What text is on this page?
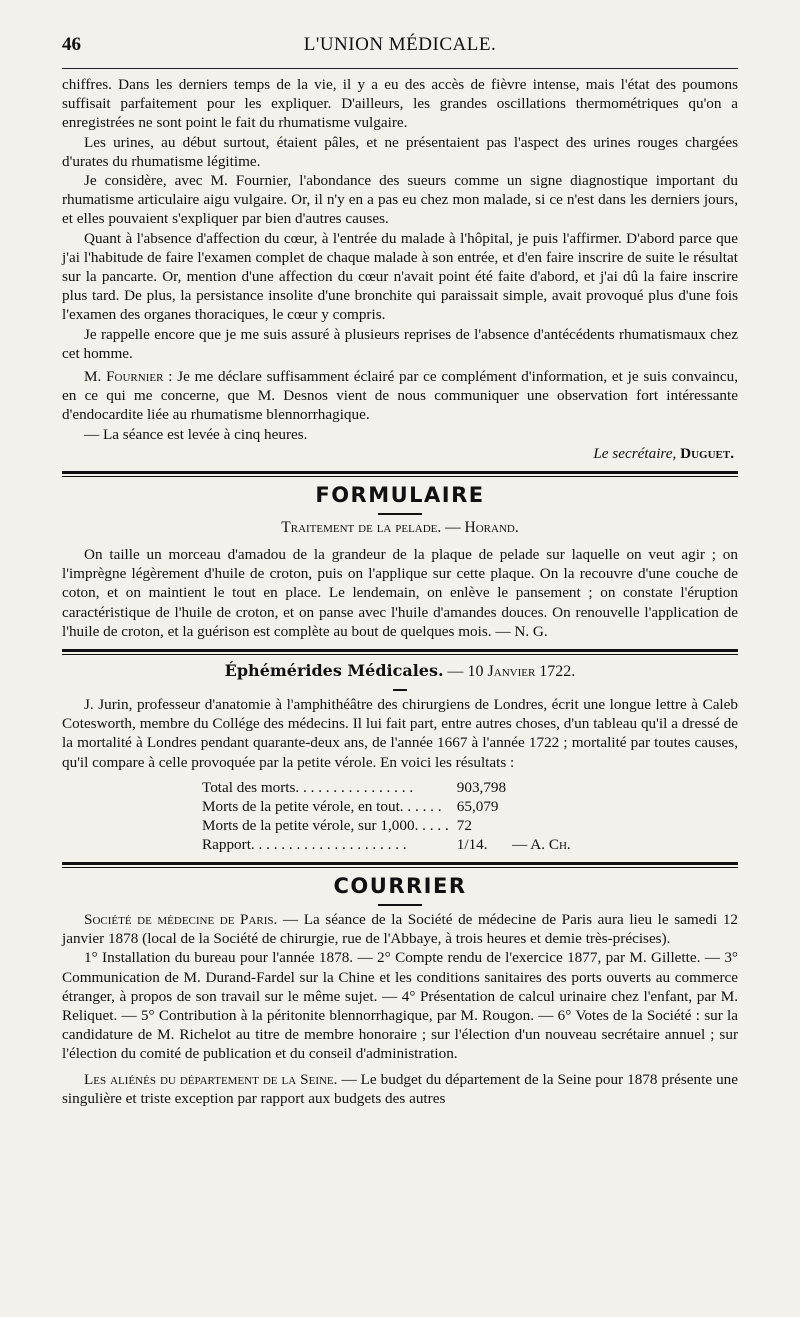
46	L'UNION MÉDICALE.

chiffres. Dans les derniers temps de la vie, il y a eu des accès de fièvre intense, mais l'état des poumons suffisait parfaitement pour les expliquer. D'ailleurs, les grandes oscillations thermométriques qu'on a enregistrées ne sont point le fait du rhumatisme vulgaire.

Les urines, au début surtout, étaient pâles, et ne présentaient pas l'aspect des urines rouges chargées d'urates du rhumatisme légitime.

Je considère, avec M. Fournier, l'abondance des sueurs comme un signe diagnostique important du rhumatisme articulaire aigu vulgaire. Or, il n'y en a pas eu chez mon malade, si ce n'est dans les derniers jours, et elles pouvaient s'expliquer par bien d'autres causes.

Quant à l'absence d'affection du cœur, à l'entrée du malade à l'hôpital, je puis l'affirmer. D'abord parce que j'ai l'habitude de faire l'examen complet de chaque malade à son entrée, et d'en faire inscrire de suite le résultat sur la pancarte. Or, mention d'une affection du cœur n'avait point été faite d'abord, et j'ai dû la faire inscrire plus tard. De plus, la persistance insolite d'une bronchite qui paraissait simple, avait provoqué plus d'une fois l'examen des organes thoraciques, le cœur y compris.

Je rappelle encore que je me suis assuré à plusieurs reprises de l'absence d'antécédents rhumatismaux chez cet homme.

M. Fournier : Je me déclare suffisamment éclairé par ce complément d'information, et je suis convaincu, en ce qui me concerne, que M. Desnos vient de nous communiquer une observation fort intéressante d'endocardite liée au rhumatisme blennorrhagique.

— La séance est levée à cinq heures.

Le secrétaire, Duguet.

FORMULAIRE
Traitement de la pelade. — Horand.

On taille un morceau d'amadou de la grandeur de la plaque de pelade sur laquelle on veut agir ; on l'imprègne légèrement d'huile de croton, puis on l'applique sur cette plaque. On la recouvre d'une couche de coton, et on maintient le tout en place. Le lendemain, on enlève le pansement ; on constate l'éruption caractéristique de l'huile de croton, et on panse avec l'huile d'amandes douces. On renouvelle l'application de l'huile de croton, et la guérison est complète au bout de quelques mois. — N. G.

Éphémérides Médicales. — 10 Janvier 1722.

J. Jurin, professeur d'anatomie à l'amphithéâtre des chirurgiens de Londres, écrit une longue lettre à Caleb Cotesworth, membre du Collége des médecins. Il lui fait part, entre autres choses, d'un tableau qu'il a dressé de la mortalité à Londres pendant quarante-deux ans, de l'année 1667 à l'année 1722 ; mortalité par toutes causes, qu'il compare à celle provoquée par la petite vérole. En voici les résultats :

Total des morts. . . . . . . . . . . . . . . .	903,798	
Morts de la petite vérole, en tout. . . . . .	65,079	
Morts de la petite vérole, sur 1,000. . . . .	72	
Rapport. . . . . . . . . . . . . . . . . . . . .	1/14.	— A. Ch.
COURRIER

Société de médecine de Paris. — La séance de la Société de médecine de Paris aura lieu le samedi 12 janvier 1878 (local de la Société de chirurgie, rue de l'Abbaye, à trois heures et demie très-précises).

1° Installation du bureau pour l'année 1878. — 2° Compte rendu de l'exercice 1877, par M. Gillette. — 3° Communication de M. Durand-Fardel sur la Chine et les conditions sanitaires des ports ouverts au commerce étranger, à propos de son travail sur le même sujet. — 4° Présentation de calcul urinaire chez l'enfant, par M. Reliquet. — 5° Contribution à la péritonite blennorrhagique, par M. Rougon. — 6° Votes de la Société : sur la candidature de M. Richelot au titre de membre honoraire ; sur l'élection d'un nouveau secrétaire annuel ; sur l'élection du comité de publication et du conseil d'administration.

Les aliénés du département de la Seine. — Le budget du département de la Seine pour 1878 présente une singulière et triste exception par rapport aux budgets des autres
